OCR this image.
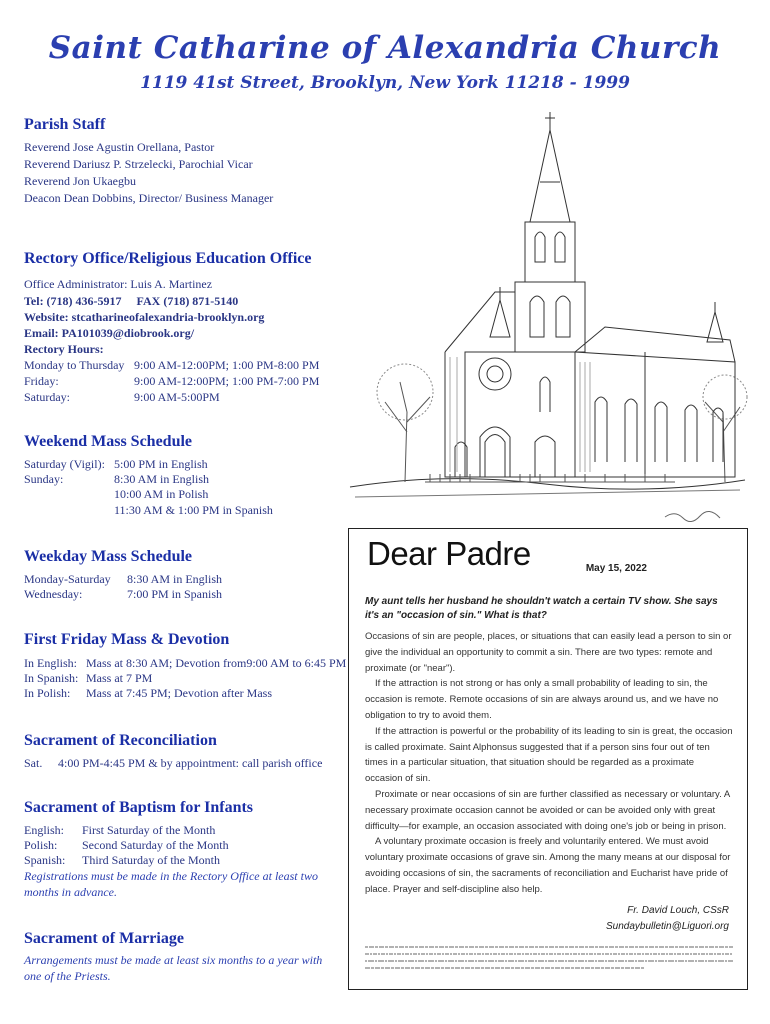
Saint Catharine of Alexandria Church
1119 41st Street, Brooklyn, New York 11218 - 1999
Parish Staff
Reverend Jose Agustin Orellana, Pastor
Reverend Dariusz P. Strzelecki, Parochial Vicar
Reverend Jon Ukaegbu
Deacon Dean Dobbins, Director/ Business Manager
Rectory Office/Religious Education Office
Office Administrator: Luis A. Martinez
Tel: (718) 436-5917     FAX (718) 871-5140
Website: stcatharineofalexandria-brooklyn.org
Email: PA101039@diobrook.org/
Rectory Hours:
Monday to Thursday 9:00 AM-12:00PM; 1:00 PM-8:00 PM
Friday:	9:00 AM-12:00PM; 1:00 PM-7:00 PM
Saturday:	9:00 AM-5:00PM
Weekend Mass Schedule
Saturday (Vigil): 5:00 PM in English
Sunday:	8:30 AM in English
10:00 AM in Polish
11:30 AM & 1:00 PM in Spanish
Weekday Mass Schedule
Monday-Saturday 8:30 AM in English
Wednesday:	7:00 PM in Spanish
First Friday Mass & Devotion
In English: Mass at 8:30 AM; Devotion from9:00 AM to 6:45 PM
In Spanish: Mass at 7 PM
In Polish: Mass at 7:45 PM; Devotion after Mass
Sacrament of Reconciliation
Sat. 4:00 PM-4:45 PM & by appointment: call parish office
Sacrament of Baptism for Infants
English: First Saturday of the Month
Polish: Second Saturday of the Month
Spanish: Third Saturday of the Month
Registrations must be made in the Rectory Office at least two
months in advance.
Sacrament of Marriage
Arrangements must be made at least six months to a year with
one of the Priests.
Dear Padre	May 15, 2022
My aunt tells her husband he shouldn't watch a certain TV show. She says it's an "occasion of sin." What is that?

Occasions of sin are people, places, or situations that can easily lead a person to sin or give the individual an opportunity to commit a sin. There are two types: remote and proximate (or "near").

If the attraction is not strong or has only a small probability of leading to sin, the occasion is remote. Remote occasions of sin are always around us, and we have no obligation to try to avoid them.

If the attraction is powerful or the probability of its leading to sin is great, the occasion is called proximate. Saint Alphonsus suggested that if a person sins four out of ten times in a particular situation, that situation should be regarded as a proximate occasion of sin.

Proximate or near occasions of sin are further classified as necessary or voluntary. A necessary proximate occasion cannot be avoided or can be avoided only with great difficulty—for example, an occasion associated with doing one's job or being in prison.

A voluntary proximate occasion is freely and voluntarily entered. We must avoid voluntary proximate occasions of grave sin. Among the many means at our disposal for avoiding occasions of sin, the sacraments of reconciliation and Eucharist have pride of place. Prayer and self-discipline also help.

Fr. David Louch, CSsR
Sundaybulletin@Liguori.org
